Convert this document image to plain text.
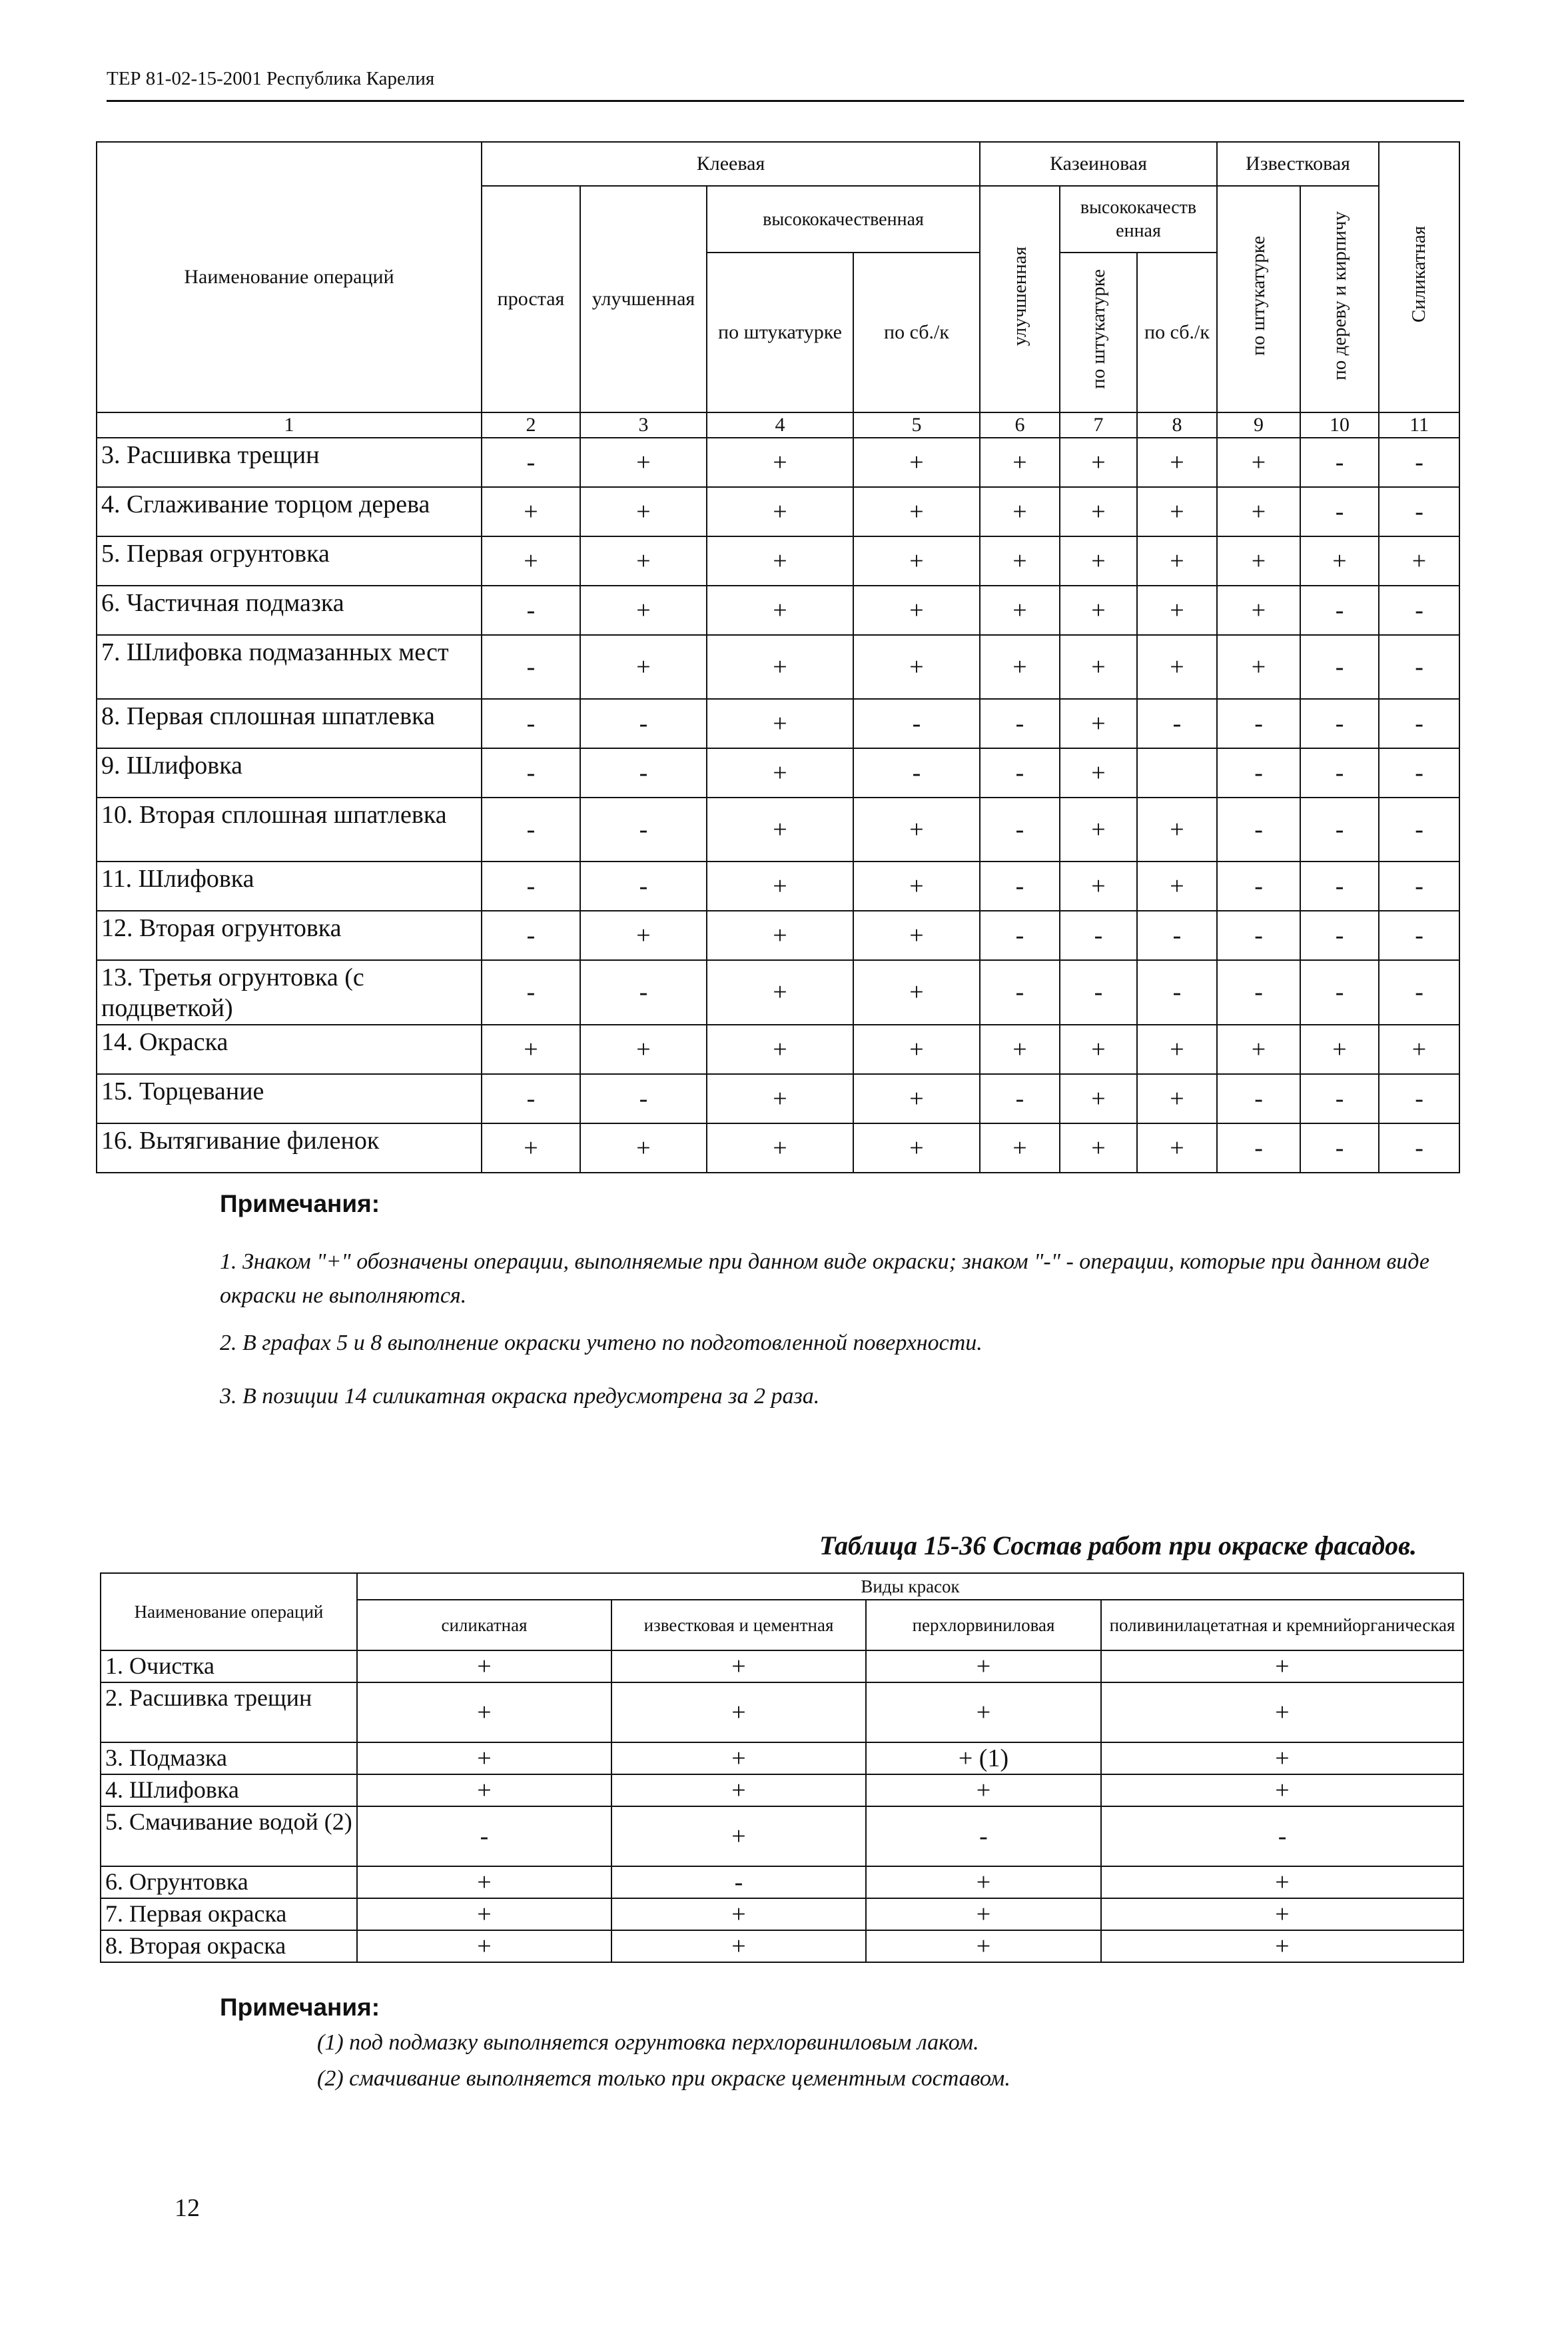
ТЕР 81-02-15-2001 Республика Карелия
Наименование операций	Клеевая				Казеиновая			Известковая		Силикатная
	простая	улучшенная	высококачественная		улучшенная	высококачеств енная		по штукатурке	по дереву и кирпичу	
			по штукатурке	по сб./к		по штукатурке	по сб./к			
1	2	3	4	5	6	7	8	9	10	11
3. Расшивка трещин	-	+	+	+	+	+	+	+	-	-
4. Сглаживание торцом дерева	+	+	+	+	+	+	+	+	-	-
5. Первая огрунтовка	+	+	+	+	+	+	+	+	+	+
6. Частичная подмазка	-	+	+	+	+	+	+	+	-	-
7. Шлифовка подмазанных мест	-	+	+	+	+	+	+	+	-	-
8. Первая сплошная шпатлевка	-	-	+	-	-	+	-	-	-	-
9. Шлифовка	-	-	+	-	-	+		-	-	-
10. Вторая сплошная шпатлевка	-	-	+	+	-	+	+	-	-	-
11. Шлифовка	-	-	+	+	-	+	+	-	-	-
12. Вторая огрунтовка	-	+	+	+	-	-	-	-	-	-
13. Третья огрунтовка (с подцветкой)	-	-	+	+	-	-	-	-	-	-
14. Окраска	+	+	+	+	+	+	+	+	+	+
15. Торцевание	-	-	+	+	-	+	+	-	-	-
16. Вытягивание филенок	+	+	+	+	+	+	+	-	-	-
Примечания:
1. Знаком "+" обозначены операции, выполняемые при данном виде окраски; знаком "-" - операции, которые при данном виде окраски не выполняются.
2. В графах 5 и 8 выполнение окраски учтено по подготовленной поверхности.
3. В позиции 14 силикатная окраска предусмотрена за 2 раза.
Таблица 15-36 Состав работ при окраске фасадов.
Наименование операций	Виды красок			
	силикатная	известковая и цементная	перхлорвиниловая	поливинилацетатная и кремнийорганическая
1. Очистка	+	+	+	+
2. Расшивка трещин	+	+	+	+
3. Подмазка	+	+	+ (1)	+
4. Шлифовка	+	+	+	+
5. Смачивание водой (2)	-	+	-	-
6. Огрунтовка	+	-	+	+
7. Первая окраска	+	+	+	+
8. Вторая окраска	+	+	+	+
Примечания:
(1) под подмазку выполняется огрунтовка перхлорвиниловым лаком.
(2) смачивание выполняется только при окраске цементным составом.
12
